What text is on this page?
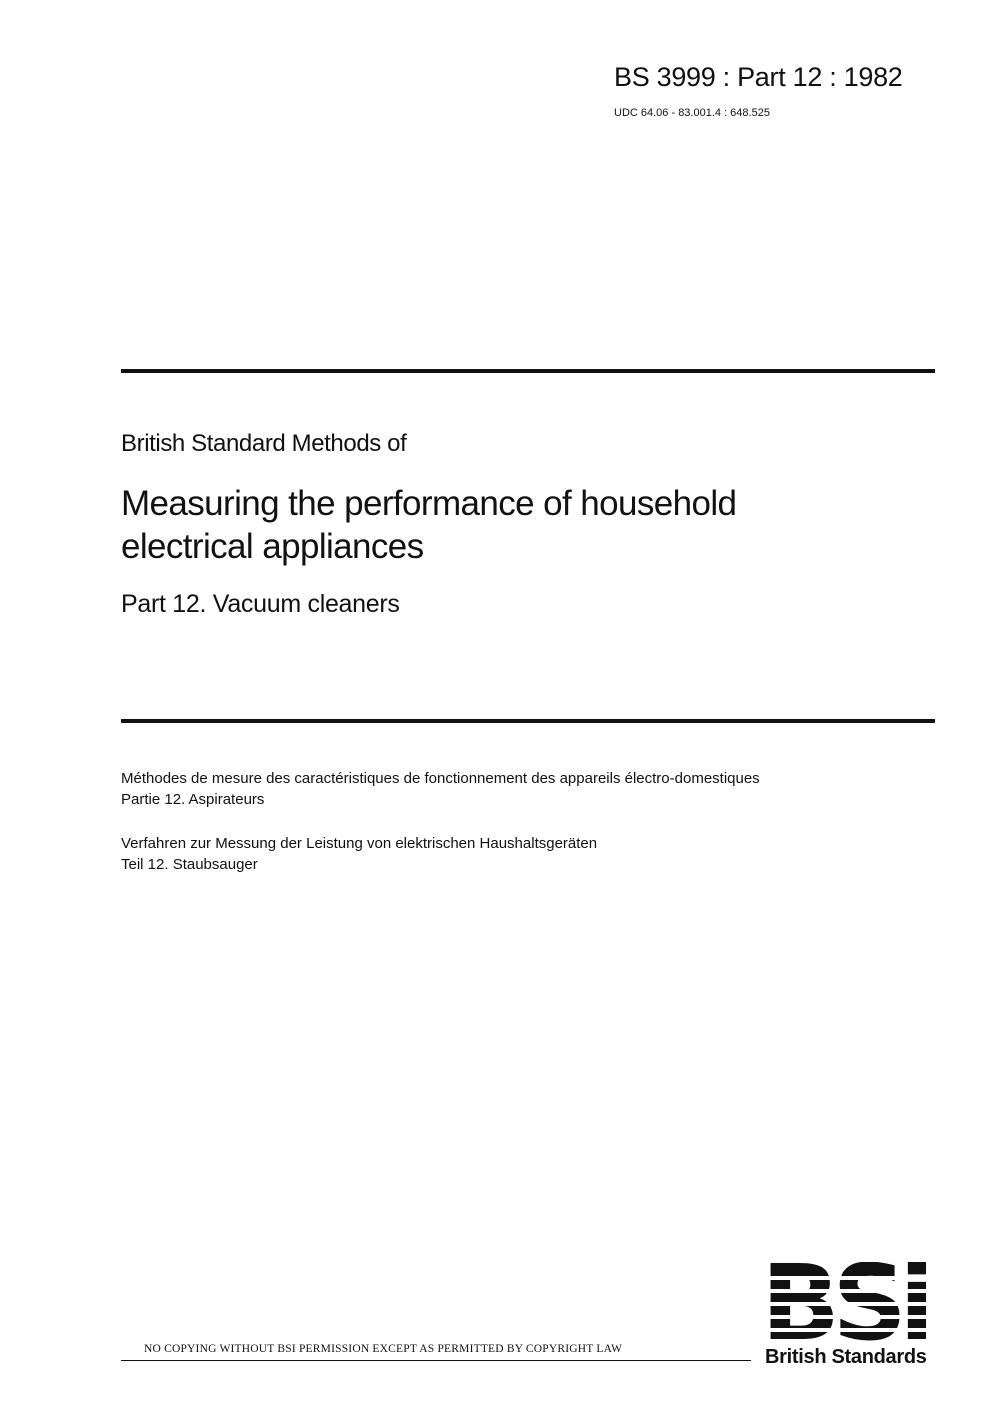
BS 3999 : Part 12 : 1982
UDC 64.06 - 83.001.4 : 648.525
British Standard Methods of
Measuring the performance of household
electrical appliances
Part 12. Vacuum cleaners
Méthodes de mesure des caractéristiques de fonctionnement des appareils électro-domestiques
Partie 12. Aspirateurs
Verfahren zur Messung der Leistung von elektrischen Haushaltsgeräten
Teil 12. Staubsauger
NO COPYING WITHOUT BSI PERMISSION EXCEPT AS PERMITTED BY COPYRIGHT LAW	British Standards
